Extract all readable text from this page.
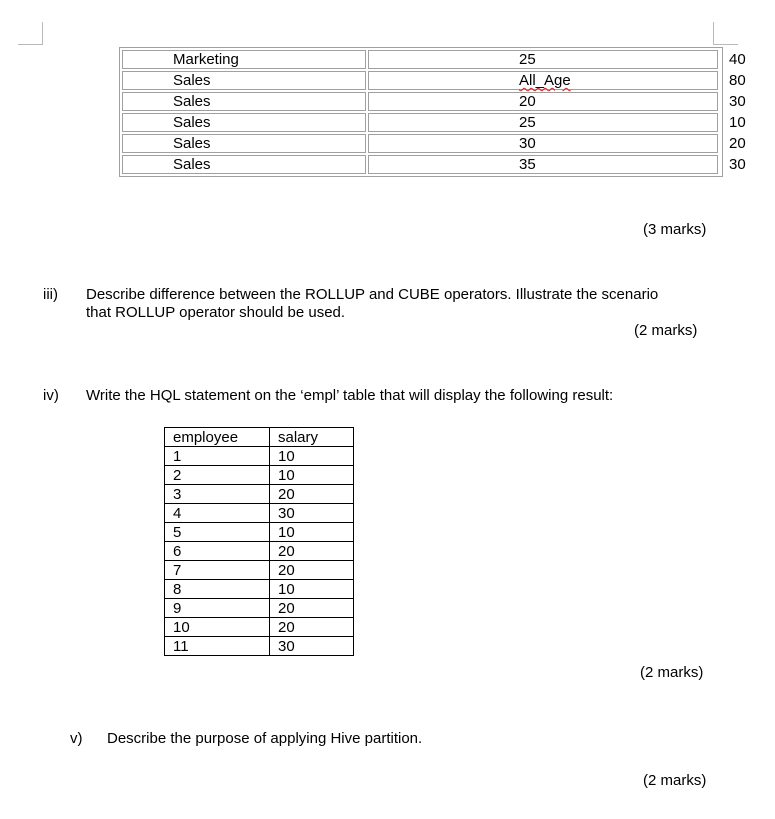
Marketing	25	40
Sales	All_Age	80
Sales	20	30
Sales	25	10
Sales	30	20
Sales	35	30
(3 marks)
iii) Describe difference between the ROLLUP and CUBE operators. Illustrate the scenario
that ROLLUP operator should be used.
(2 marks)
iv) Write the HQL statement on the ‘empl’ table that will display the following result:
employee	salary
1	10
2	10
3	20
4	30
5	10
6	20
7	20
8	10
9	20
10	20
11	30
(2 marks)
v) Describe the purpose of applying Hive partition.
(2 marks)
